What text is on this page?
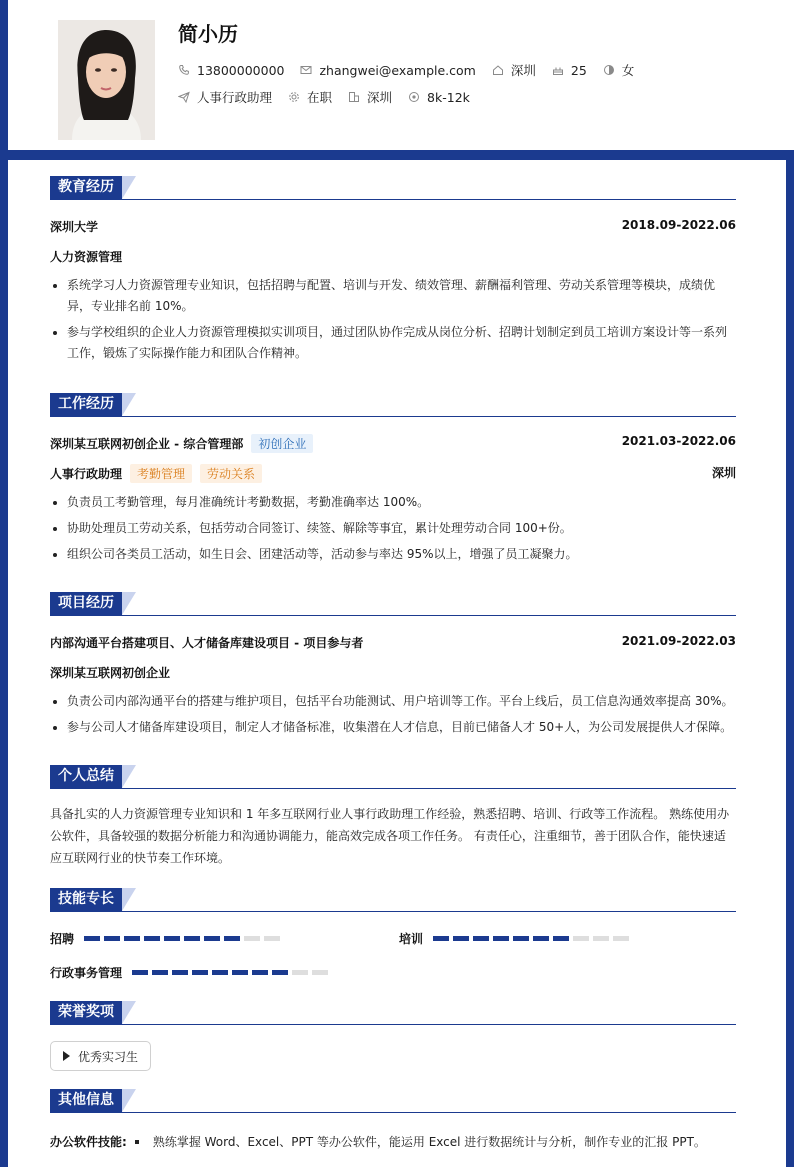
简小历
13800000000	zhangwei@example.com	深圳	25	女
人事行政助理	在职	深圳	8k-12k
教育经历
深圳大学	2018.09-2022.06
人力资源管理
系统学习人力资源管理专业知识，包括招聘与配置、培训与开发、绩效管理、薪酬福利管理、劳动关系管理等模块，成绩优异，专业排名前 10%。
参与学校组织的企业人力资源管理模拟实训项目，通过团队协作完成从岗位分析、招聘计划制定到员工培训方案设计等一系列工作，锻炼了实际操作能力和团队合作精神。
工作经历
深圳某互联网初创企业 - 综合管理部 初创企业	2021.03-2022.06
人事行政助理 考勤管理 劳动关系	深圳
负责员工考勤管理，每月准确统计考勤数据，考勤准确率达 100%。
协助处理员工劳动关系，包括劳动合同签订、续签、解除等事宜，累计处理劳动合同 100+份。
组织公司各类员工活动，如生日会、团建活动等，活动参与率达 95%以上，增强了员工凝聚力。
项目经历
内部沟通平台搭建项目、人才储备库建设项目 - 项目参与者	2021.09-2022.03
深圳某互联网初创企业
负责公司内部沟通平台的搭建与维护项目，包括平台功能测试、用户培训等工作。平台上线后，员工信息沟通效率提高 30%。
参与公司人才储备库建设项目，制定人才储备标准，收集潜在人才信息，目前已储备人才 50+人，为公司发展提供人才保障。
个人总结
具备扎实的人力资源管理专业知识和 1 年多互联网行业人事行政助理工作经验，熟悉招聘、培训、行政等工作流程。 熟练使用办公软件，具备较强的数据分析能力和沟通协调能力，能高效完成各项工作任务。 有责任心，注重细节，善于团队合作，能快速适应互联网行业的快节奏工作环境。
技能专长
招聘	培训
行政事务管理
荣誉奖项
优秀实习生
其他信息
办公软件技能: 熟练掌握 Word、Excel、PPT 等办公软件，能运用 Excel 进行数据统计与分析，制作专业的汇报 PPT。
